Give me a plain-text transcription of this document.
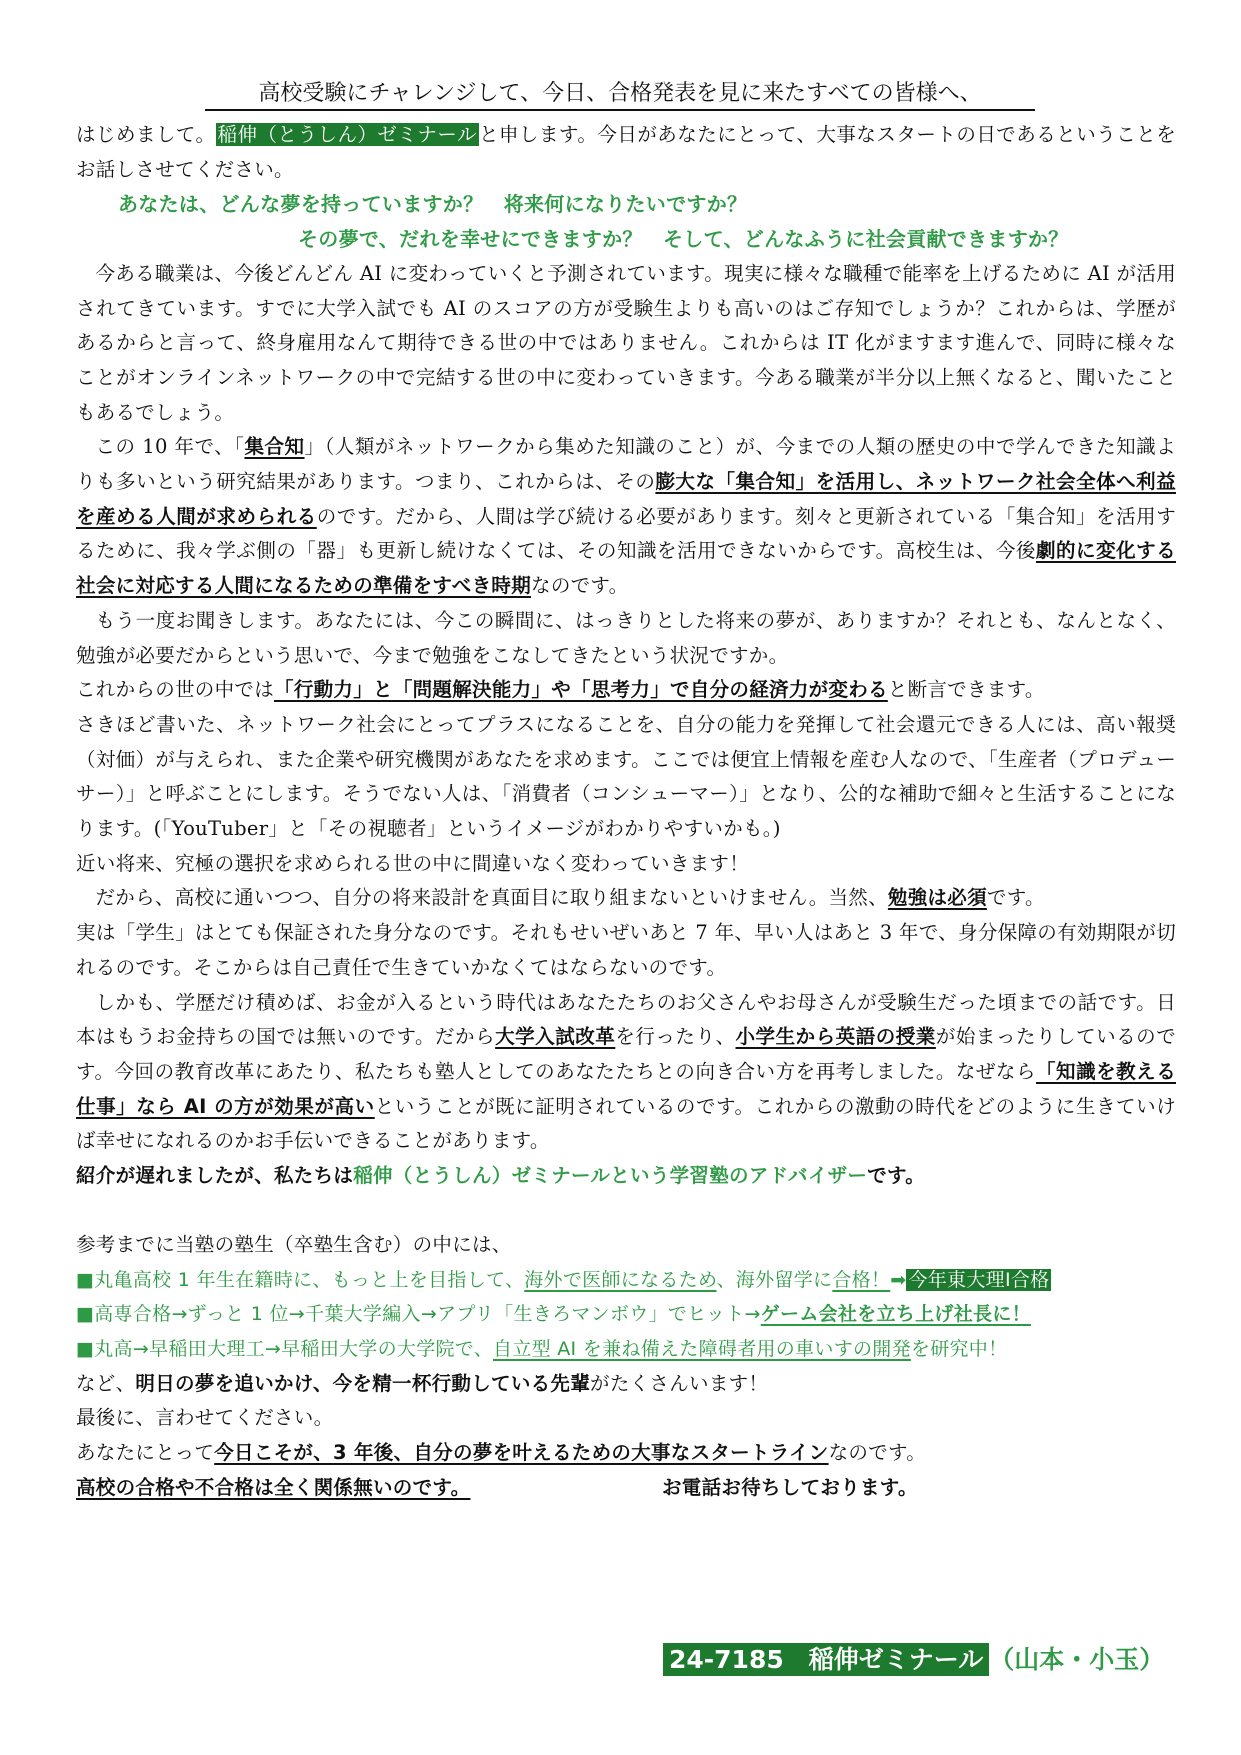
高校受験にチャレンジして、今日、合格発表を見に来たすべての皆様へ、

はじめまして。 稲伸（とうしん）ゼミナール と申します。今日があなたにとって、大事なスタートの日であるということをお話しさせてください。

あなたは、どんな夢を持っていますか？　将来何になりたいですか？

その夢で、だれを幸せにできますか？　そして、どんなふうに社会貢献できますか？

今ある職業は、今後どんどん AI に変わっていくと予測されています。現実に様々な職種で能率を上げるために AI が活用されてきています。すでに大学入試でも AI のスコアの方が受験生よりも高いのはご存知でしょうか？これからは、学歴があるからと言って、終身雇用なんて期待できる世の中ではありません。これからは IT 化がますます進んで、同時に様々なことがオンラインネットワークの中で完結する世の中に変わっていきます。今ある職業が半分以上無くなると、聞いたこともあるでしょう。

この 10 年で、「集合知」（人類がネットワークから集めた知識のこと）が、今までの人類の歴史の中で学んできた知識よりも多いという研究結果があります。つまり、これからは、その膨大な「集合知」を活用し、ネットワーク社会全体へ利益を産める人間が求められるのです。だから、人間は学び続ける必要があります。刻々と更新されている「集合知」を活用するために、我々学ぶ側の「器」も更新し続けなくては、その知識を活用できないからです。高校生は、今後劇的に変化する社会に対応する人間になるための準備をすべき時期なのです。

もう一度お聞きします。あなたには、今この瞬間に、はっきりとした将来の夢が、ありますか？それとも、なんとなく、勉強が必要だからという思いで、今まで勉強をこなしてきたという状況ですか。

これからの世の中では「行動力」と「問題解決能力」や「思考力」で自分の経済力が変わると断言できます。

さきほど書いた、ネットワーク社会にとってプラスになることを、自分の能力を発揮して社会還元できる人には、高い報奨（対価）が与えられ、また企業や研究機関があなたを求めます。ここでは便宜上情報を産む人なので、「生産者（プロデューサー）」と呼ぶことにします。そうでない人は、「消費者（コンシューマー）」となり、公的な補助で細々と生活することになります。(「YouTuber」と「その視聴者」というイメージがわかりやすいかも。)

近い将来、究極の選択を求められる世の中に間違いなく変わっていきます！

だから、高校に通いつつ、自分の将来設計を真面目に取り組まないといけません。当然、勉強は必須です。

実は「学生」はとても保証された身分なのです。それもせいぜいあと 7 年、早い人はあと 3 年で、身分保障の有効期限が切れるのです。そこからは自己責任で生きていかなくてはならないのです。

しかも、学歴だけ積めば、お金が入るという時代はあなたたちのお父さんやお母さんが受験生だった頃までの話です。日本はもうお金持ちの国では無いのです。だから大学入試改革を行ったり、小学生から英語の授業が始まったりしているのです。今回の教育改革にあたり、私たちも塾人としてのあなたたちとの向き合い方を再考しました。なぜなら「知識を教える仕事」なら AI の方が効果が高いということが既に証明されているのです。これからの激動の時代をどのように生きていけば幸せになれるのかお手伝いできることがあります。

紹介が遅れましたが、私たちは稲伸（とうしん）ゼミナールという学習塾のアドバイザーです。

参考までに当塾の塾生（卒塾生含む）の中には、

■丸亀高校 1 年生在籍時に、もっと上を目指して、海外で医師になるため、海外留学に合格！➡ 今年東大理Ⅰ合格

■高専合格→ずっと 1 位→千葉大学編入→アプリ「生きろマンボウ」でヒット→ゲーム会社を立ち上げ社長に！

■丸高→早稲田大理工→早稲田大学の大学院で、自立型 AI を兼ね備えた障碍者用の車いすの開発を研究中！

など、明日の夢を追いかけ、今を精一杯行動している先輩がたくさんいます！

最後に、言わせてください。

あなたにとって今日こそが、3 年後、自分の夢を叶えるための大事なスタートラインなのです。

高校の合格や不合格は全く関係無いのです。	お電話お待ちしております。
24-7185　稲伸ゼミナール （山本・小玉）
